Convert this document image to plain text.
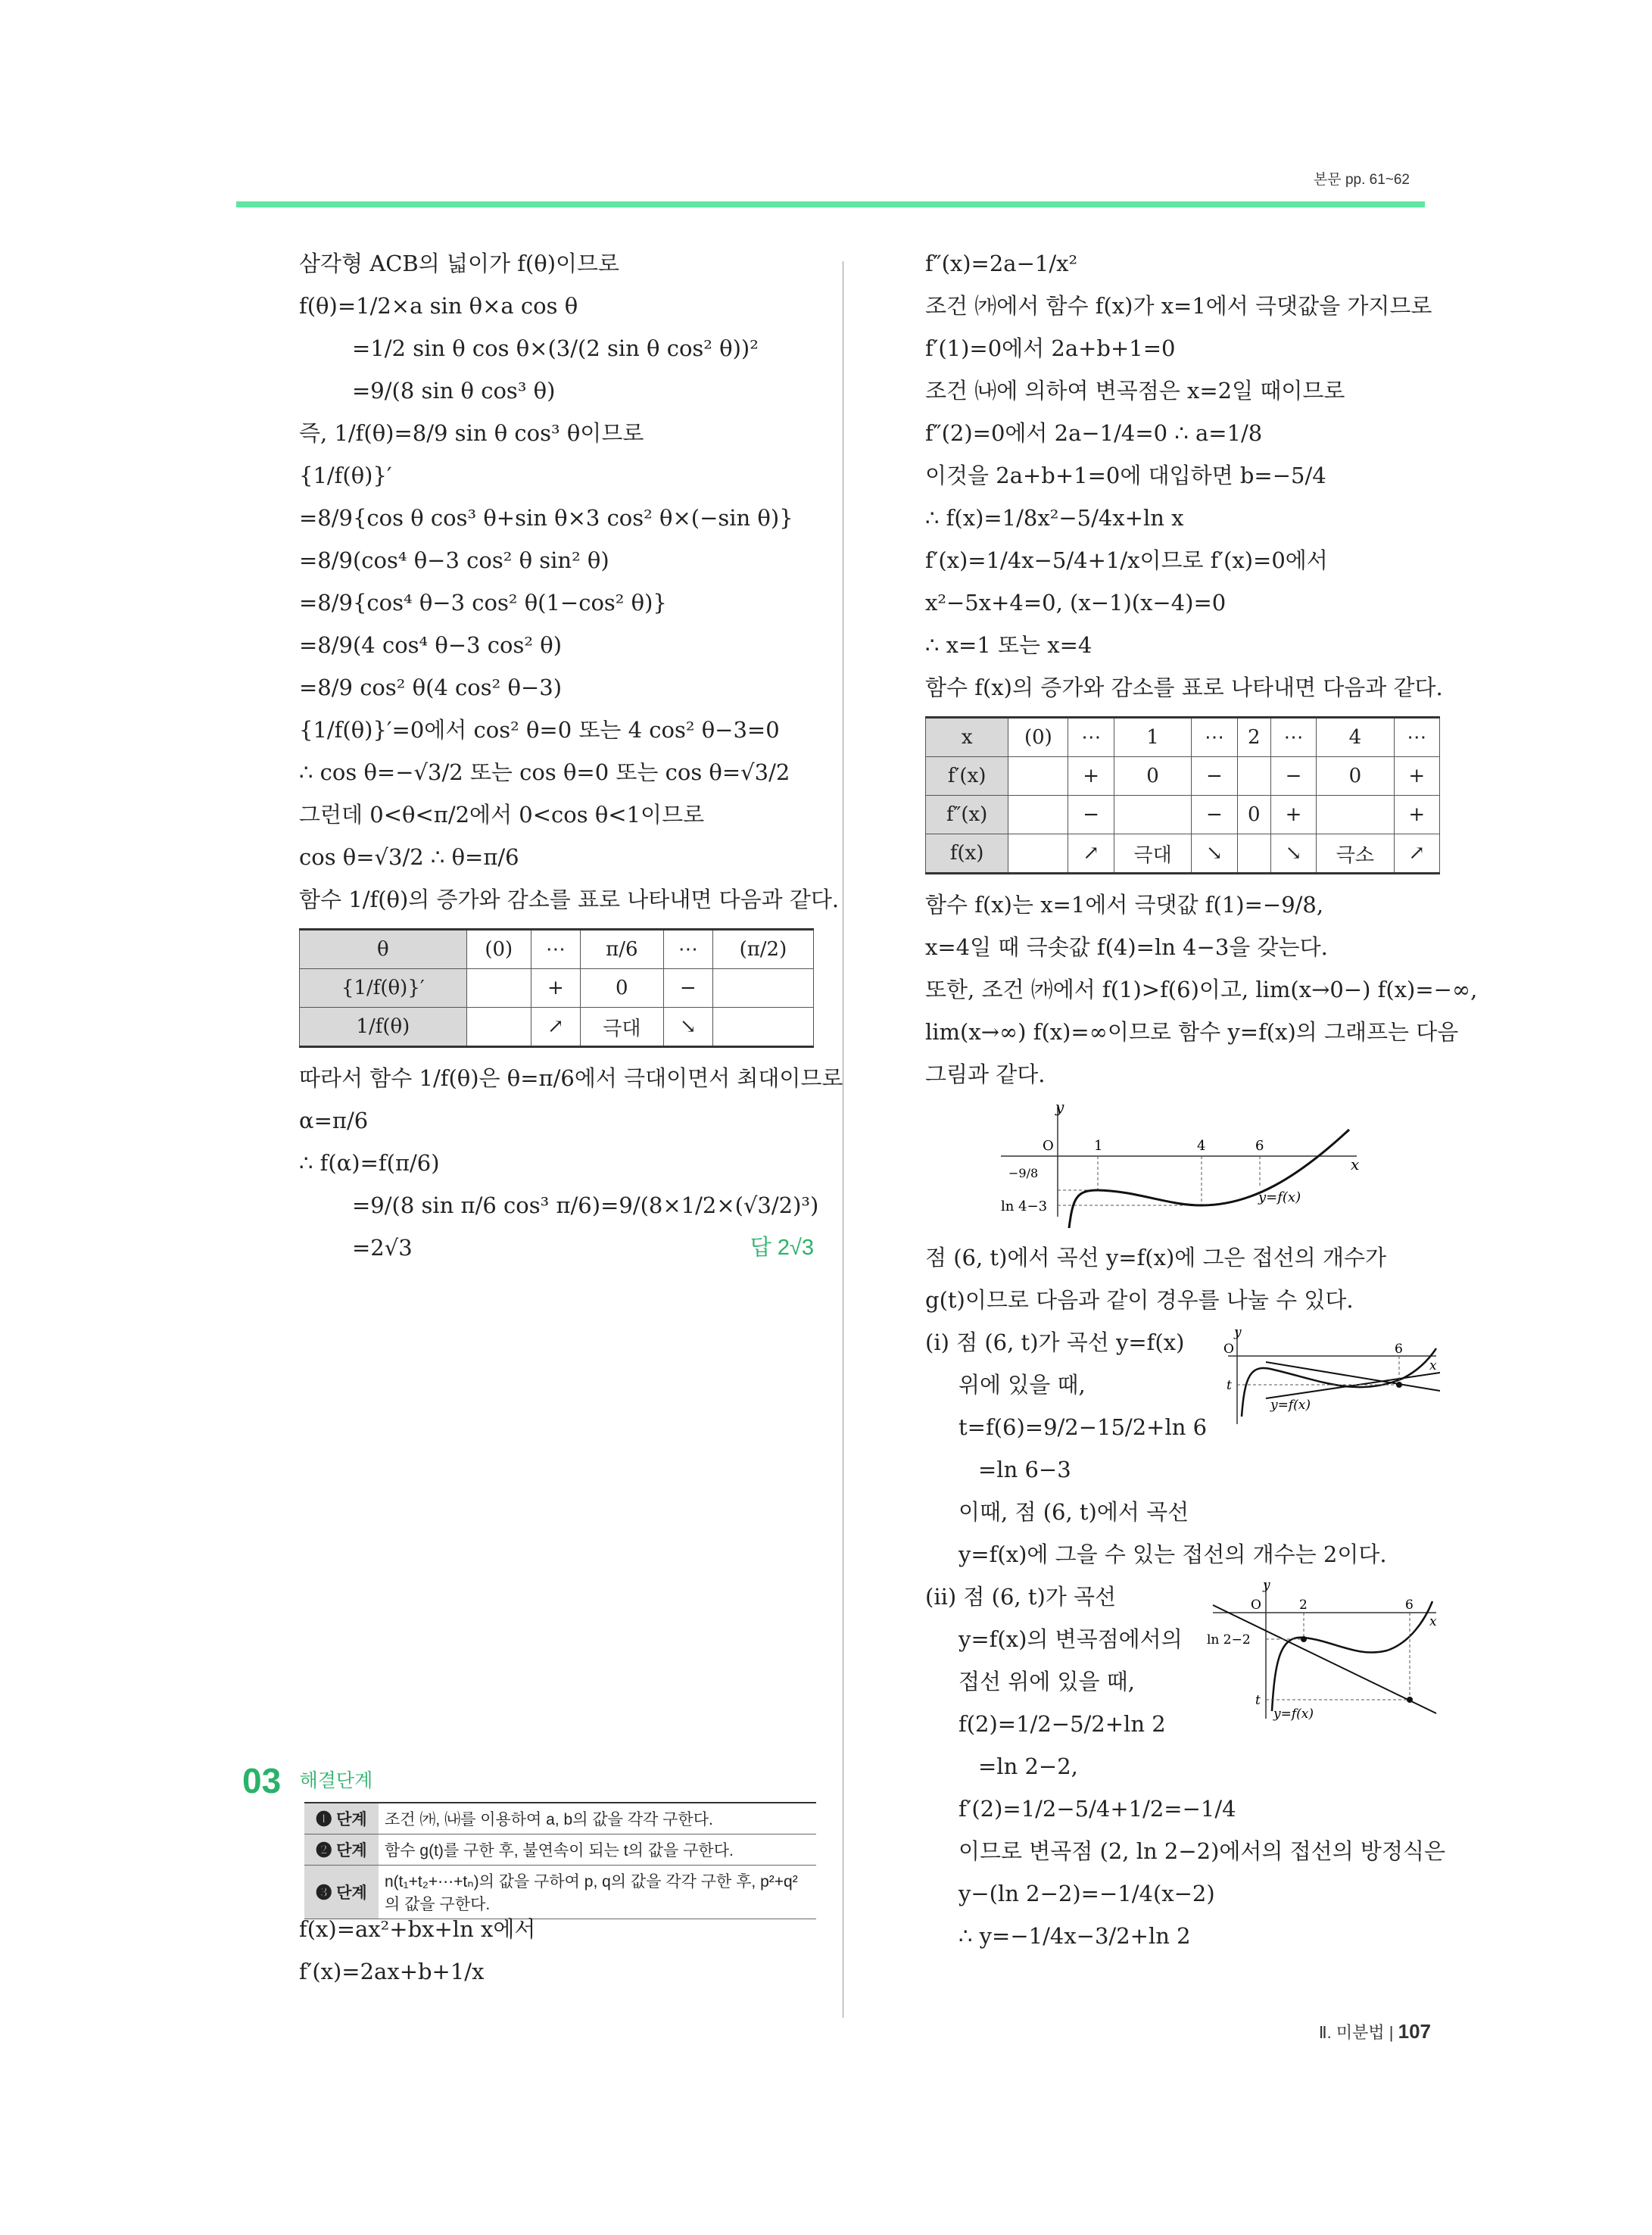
본문 pp. 61~62
삼각형 ACB의 넓이가 f(θ)이므로
f(θ)=1/2×a sin θ×a cos θ
=1/2 sin θ cos θ×(3/(2 sin θ cos² θ))²
=9/(8 sin θ cos³ θ)
즉, 1/f(θ)=8/9 sin θ cos³ θ이므로
{1/f(θ)}′
=8/9{cos θ cos³ θ+sin θ×3 cos² θ×(−sin θ)}
=8/9(cos⁴ θ−3 cos² θ sin² θ)
=8/9{cos⁴ θ−3 cos² θ(1−cos² θ)}
=8/9(4 cos⁴ θ−3 cos² θ)
=8/9 cos² θ(4 cos² θ−3)
{1/f(θ)}′=0에서 cos² θ=0 또는 4 cos² θ−3=0
∴ cos θ=−√3/2 또는 cos θ=0 또는 cos θ=√3/2
그런데 0<θ<π/2에서 0<cos θ<1이므로
cos θ=√3/2 ∴ θ=π/6
함수 1/f(θ)의 증가와 감소를 표로 나타내면 다음과 같다.
θ	(0)	⋯	π/6	⋯	(π/2)
{1/f(θ)}′		+	0	−	
1/f(θ)		↗	극대	↘	
따라서 함수 1/f(θ)은 θ=π/6에서 극대이면서 최대이므로
α=π/6
∴ f(α)=f(π/6)
=9/(8 sin π/6 cos³ π/6)=9/(8×1/2×(√3/2)³)
=2√3	답 2√3
03 해결단계
❶ 단계	조건 ㈎, ㈏를 이용하여 a, b의 값을 각각 구한다.
❷ 단계	함수 g(t)를 구한 후, 불연속이 되는 t의 값을 구한다.
❸ 단계	n(t₁+t₂+⋯+tₙ)의 값을 구하여 p, q의 값을 각각 구한 후, p²+q²의 값을 구한다.
f(x)=ax²+bx+ln x에서
f′(x)=2ax+b+1/x
f″(x)=2a−1/x²
조건 ㈎에서 함수 f(x)가 x=1에서 극댓값을 가지므로
f′(1)=0에서 2a+b+1=0
조건 ㈏에 의하여 변곡점은 x=2일 때이므로
f″(2)=0에서 2a−1/4=0 ∴ a=1/8
이것을 2a+b+1=0에 대입하면 b=−5/4
∴ f(x)=1/8x²−5/4x+ln x
f′(x)=1/4x−5/4+1/x이므로 f′(x)=0에서
x²−5x+4=0, (x−1)(x−4)=0
∴ x=1 또는 x=4
함수 f(x)의 증가와 감소를 표로 나타내면 다음과 같다.
x	(0)	⋯	1	⋯	2	⋯	4	⋯
f′(x)		+	0	−		−	0	+
f″(x)		−		−	0	+		+
f(x)		↗	극대	↘		↘	극소	↗
함수 f(x)는 x=1에서 극댓값 f(1)=−9/8,
x=4일 때 극솟값 f(4)=ln 4−3을 갖는다.
또한, 조건 ㈎에서 f(1)>f(6)이고, lim(x→0−) f(x)=−∞,
lim(x→∞) f(x)=∞이므로 함수 y=f(x)의 그래프는 다음
그림과 같다.
y
x
O	1	4	6
−9/8
ln 4−3
y=f(x)
점 (6, t)에서 곡선 y=f(x)에 그은 접선의 개수가
g(t)이므로 다음과 같이 경우를 나눌 수 있다.
y
x
O	6
t
y=f(x)
(i) 점 (6, t)가 곡선 y=f(x)
위에 있을 때,
t=f(6)=9/2−15/2+ln 6
=ln 6−3
이때, 점 (6, t)에서 곡선
y=f(x)에 그을 수 있는 접선의 개수는 2이다.
y
x
O	2	6
ln 2−2
t
y=f(x)
(ii) 점 (6, t)가 곡선
y=f(x)의 변곡점에서의
접선 위에 있을 때,
f(2)=1/2−5/2+ln 2
=ln 2−2,
f′(2)=1/2−5/4+1/2=−1/4
이므로 변곡점 (2, ln 2−2)에서의 접선의 방정식은
y−(ln 2−2)=−1/4(x−2)
∴ y=−1/4x−3/2+ln 2
Ⅱ. 미분법 | 107
